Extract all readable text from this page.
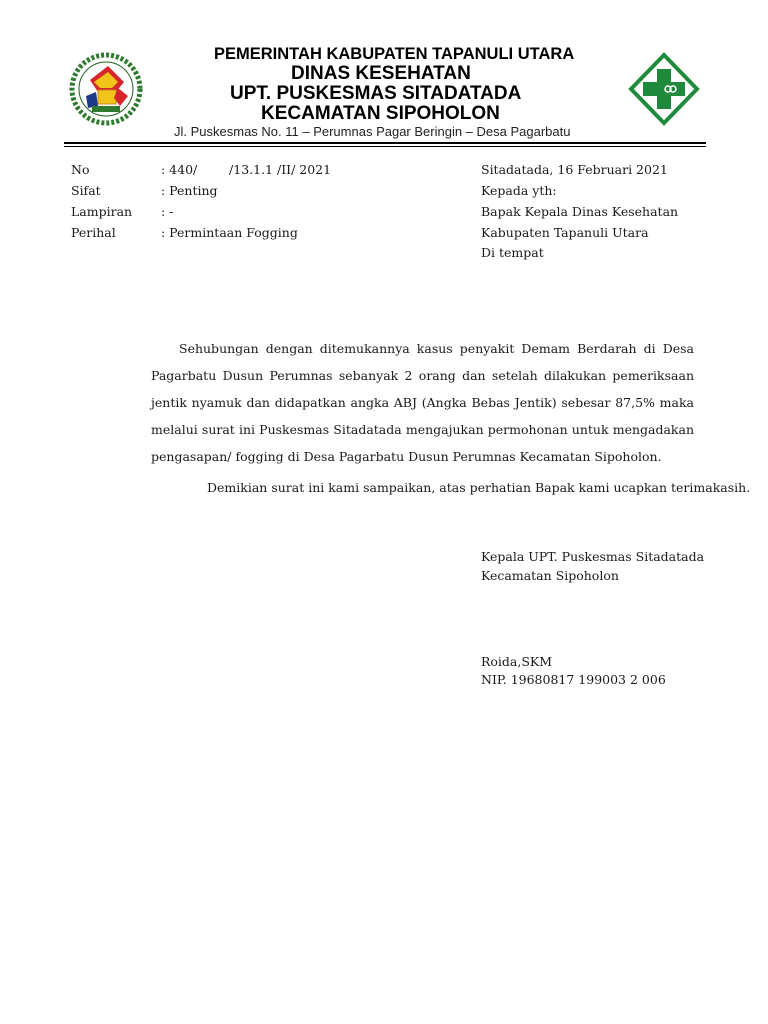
PEMERINTAH KABUPATEN TAPANULI UTARA
DINAS KESEHATAN
UPT. PUSKESMAS SITADATADA
KECAMATAN SIPOHOLON
Jl. Puskesmas No. 11 – Perumnas Pagar Beringin – Desa Pagarbatu
No	: 440/        /13.1.1 /II/ 2021
Sifat	: Penting
Lampiran : -
Perihal	: Permintaan Fogging
Sitadatada, 16 Februari 2021
Kepada yth:
Bapak Kepala Dinas Kesehatan
Kabupaten Tapanuli Utara
Di tempat
Sehubungan dengan ditemukannya kasus penyakit Demam Berdarah di Desa Pagarbatu Dusun Perumnas sebanyak 2 orang dan setelah dilakukan pemeriksaan jentik nyamuk dan didapatkan angka ABJ (Angka Bebas Jentik) sebesar 87,5% maka melalui surat ini Puskesmas Sitadatada mengajukan permohonan untuk mengadakan pengasapan/ fogging di Desa Pagarbatu Dusun Perumnas Kecamatan Sipoholon.
Demikian surat ini kami sampaikan, atas perhatian Bapak kami ucapkan terimakasih.
Kepala UPT. Puskesmas Sitadatada
Kecamatan Sipoholon
Roida,SKM
NIP. 19680817 199003 2 006
